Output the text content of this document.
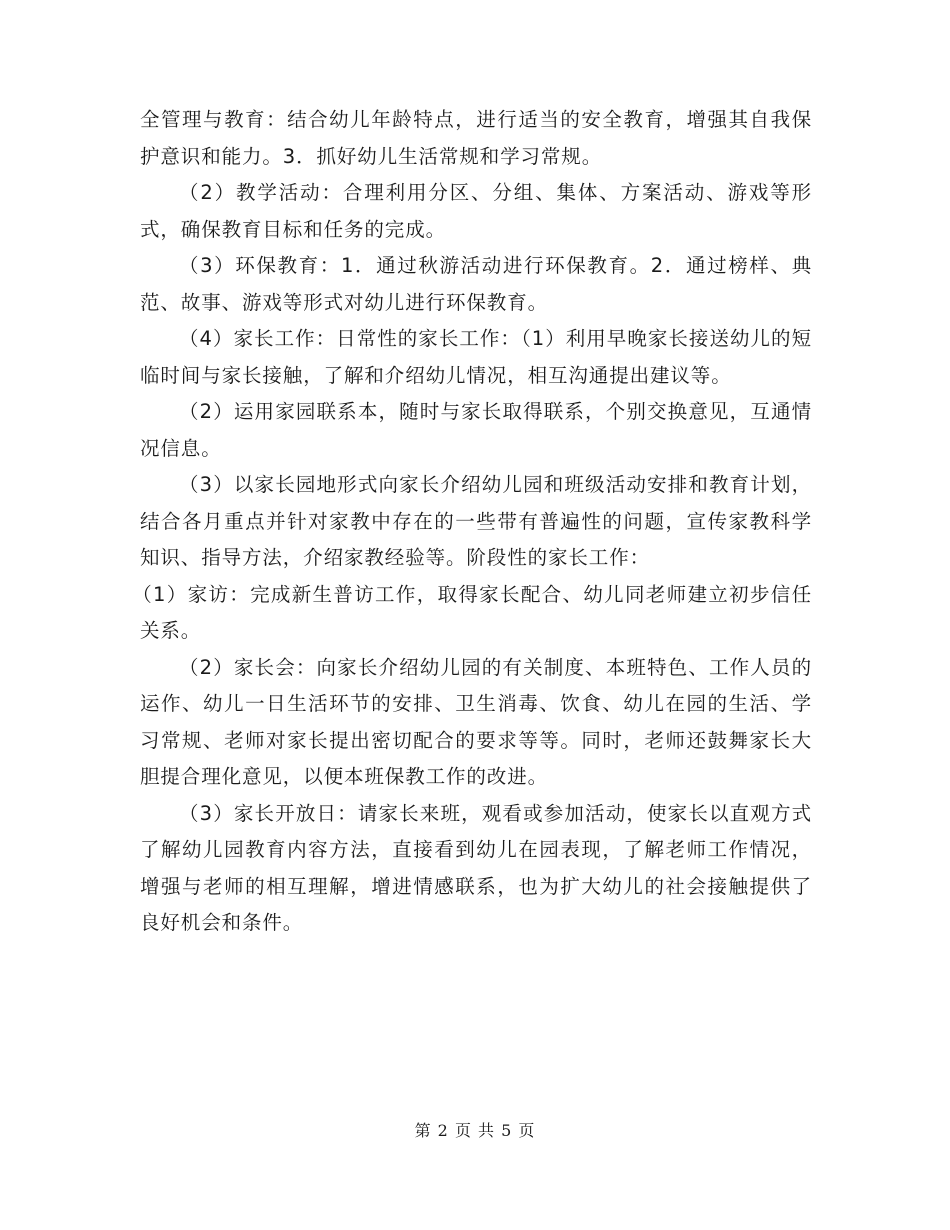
全管理与教育：结合幼儿年龄特点，进行适当的安全教育，增强其自我保护意识和能力。3．抓好幼儿生活常规和学习常规。

（2）教学活动：合理利用分区、分组、集体、方案活动、游戏等形式，确保教育目标和任务的完成。

（3）环保教育：1．通过秋游活动进行环保教育。2．通过榜样、典范、故事、游戏等形式对幼儿进行环保教育。

（4）家长工作：日常性的家长工作：（1）利用早晚家长接送幼儿的短临时间与家长接触，了解和介绍幼儿情况，相互沟通提出建议等。

（2）运用家园联系本，随时与家长取得联系，个别交换意见，互通情况信息。

（3）以家长园地形式向家长介绍幼儿园和班级活动安排和教育计划，结合各月重点并针对家教中存在的一些带有普遍性的问题，宣传家教科学知识、指导方法，介绍家教经验等。阶段性的家长工作：

（1）家访：完成新生普访工作，取得家长配合、幼儿同老师建立初步信任关系。

（2）家长会：向家长介绍幼儿园的有关制度、本班特色、工作人员的运作、幼儿一日生活环节的安排、卫生消毒、饮食、幼儿在园的生活、学习常规、老师对家长提出密切配合的要求等等。同时，老师还鼓舞家长大胆提合理化意见，以便本班保教工作的改进。

（3）家长开放日：请家长来班，观看或参加活动，使家长以直观方式了解幼儿园教育内容方法，直接看到幼儿在园表现，了解老师工作情况，增强与老师的相互理解，增进情感联系，也为扩大幼儿的社会接触提供了良好机会和条件。

第 2 页 共 5 页
